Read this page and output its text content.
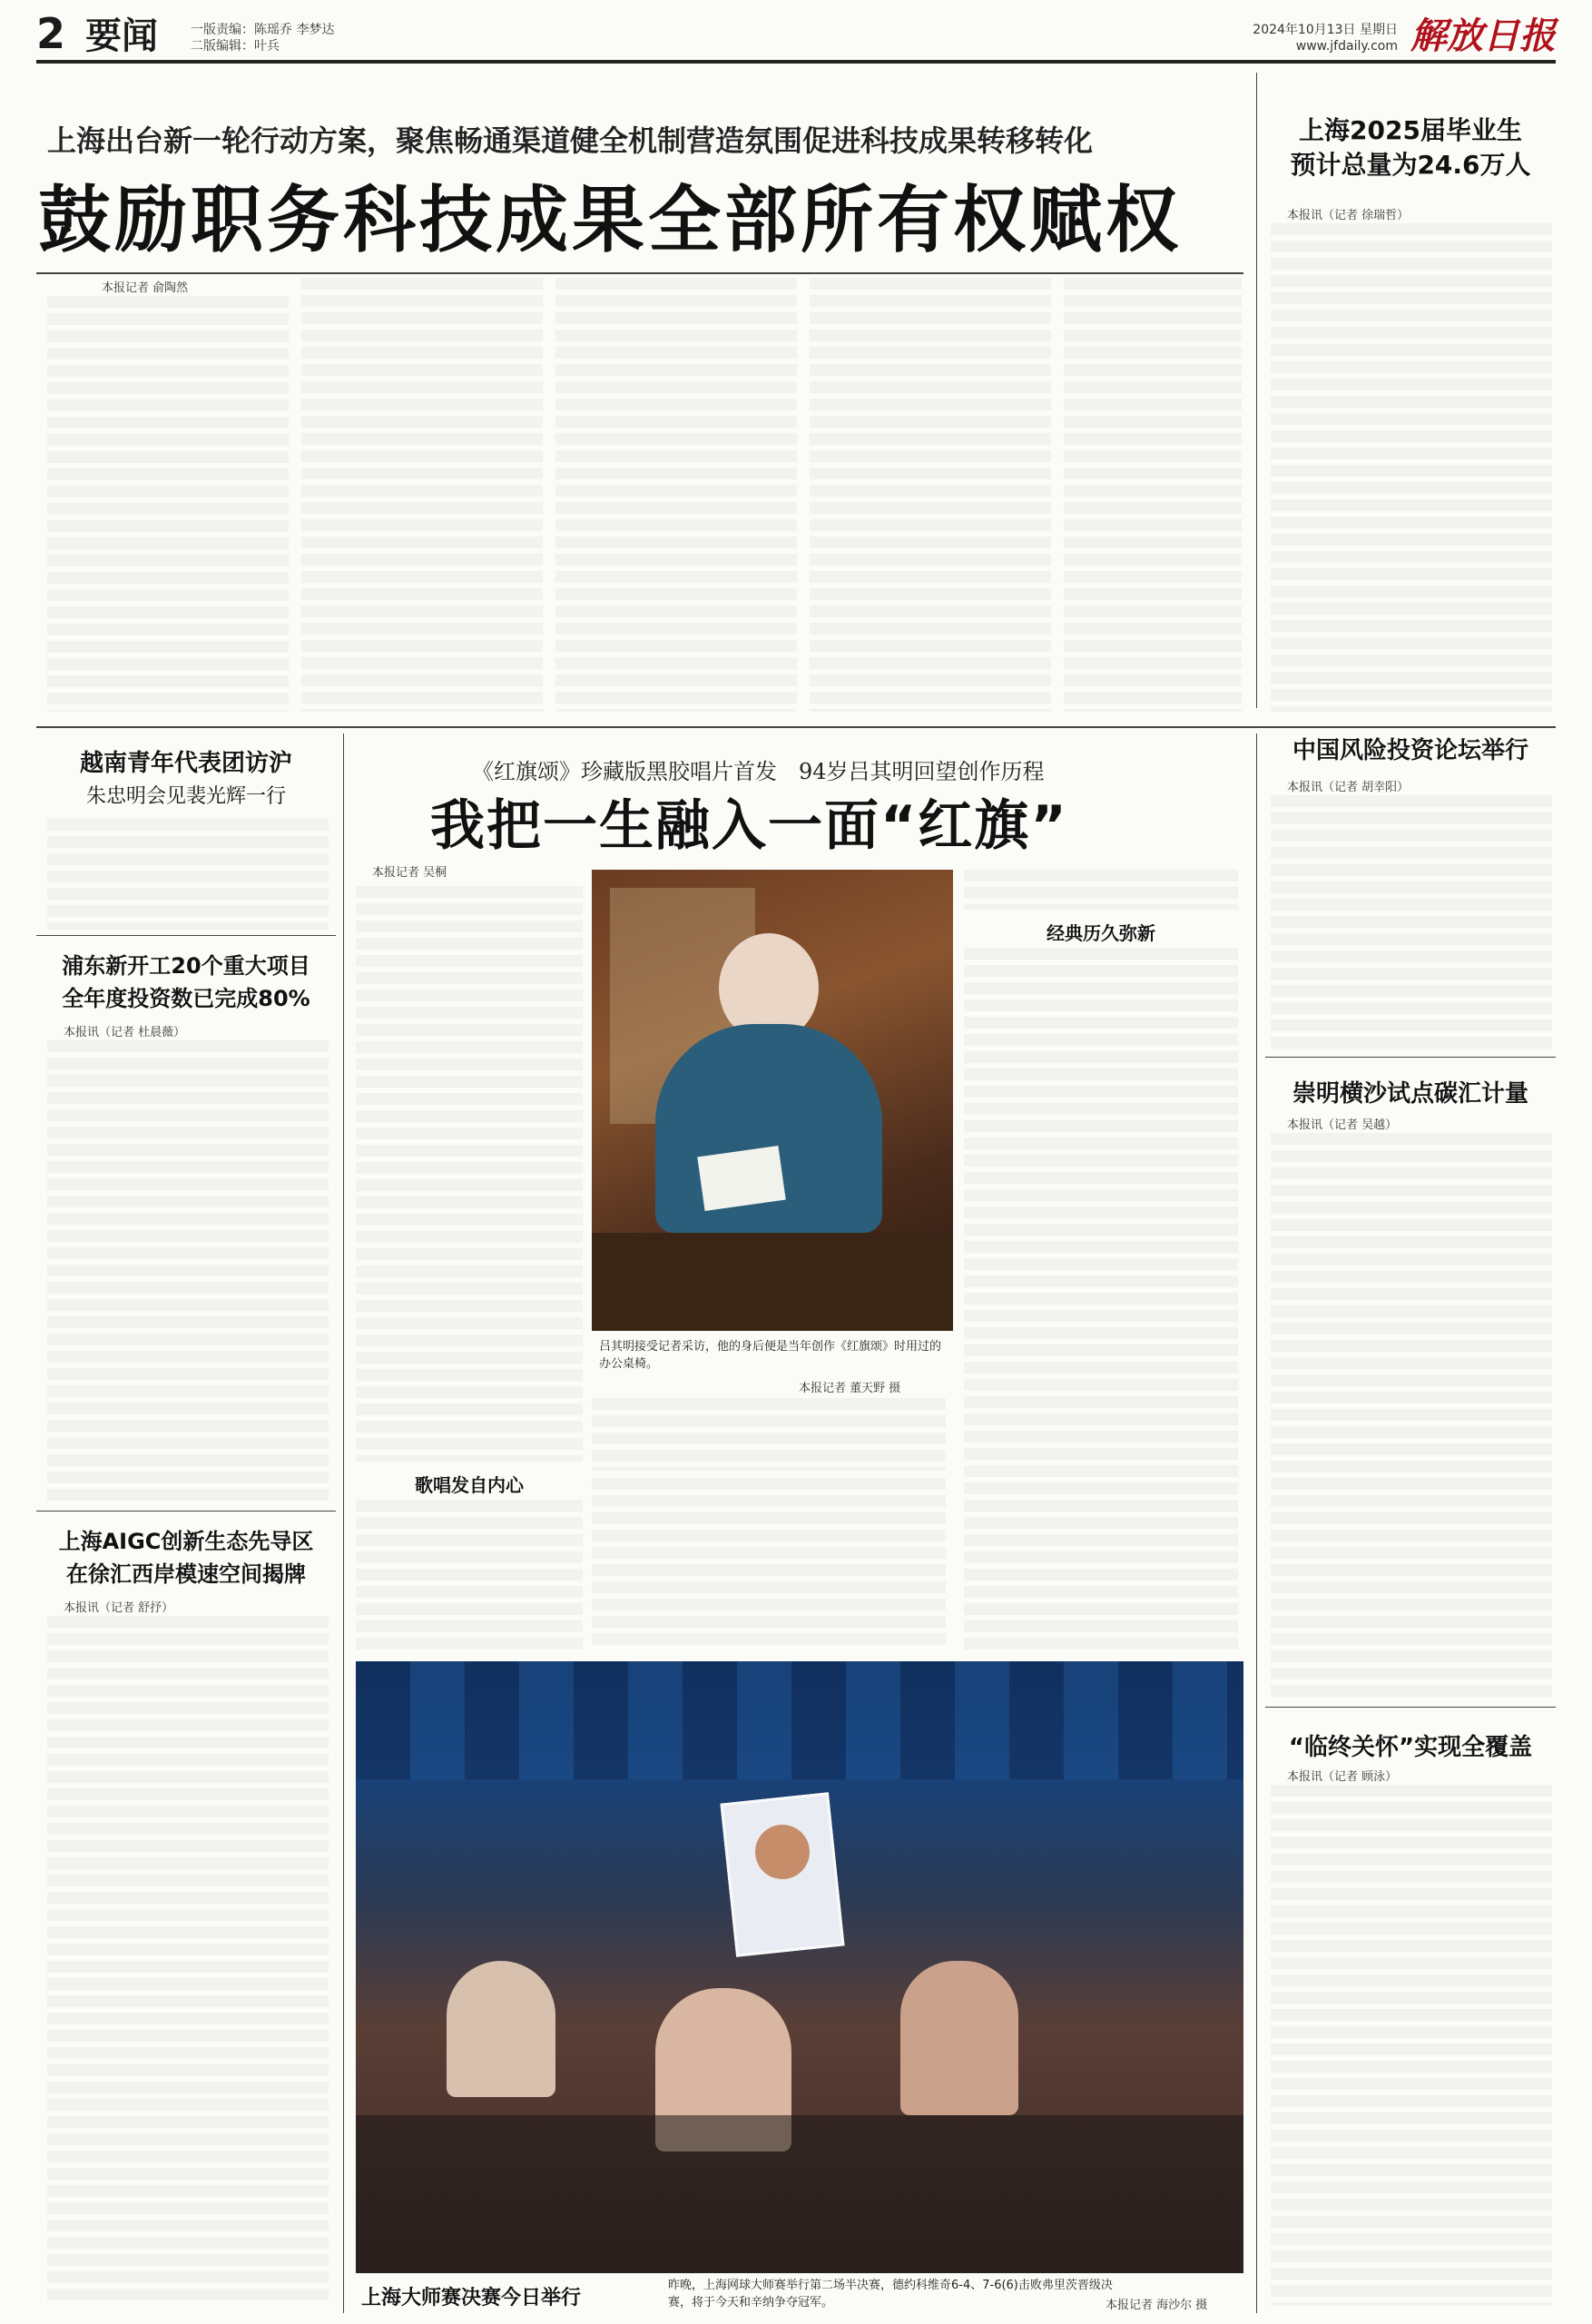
2 要闻	一版责编：陈瑶乔 李梦达
二版编辑：叶兵
2024年10月13日 星期日
www.jfdaily.com 解放日报
上海出台新一轮行动方案，聚焦畅通渠道健全机制营造氛围促进科技成果转移转化
鼓励职务科技成果全部所有权赋权
本报记者 俞陶然
上海2025届毕业生
预计总量为24.6万人
本报讯（记者 徐瑞哲）
越南青年代表团访沪
朱忠明会见裴光辉一行
浦东新开工20个重大项目
全年度投资数已完成80%
本报讯（记者 杜晨薇）
上海AIGC创新生态先导区
在徐汇西岸模速空间揭牌
本报讯（记者 舒抒）
《红旗颂》珍藏版黑胶唱片首发　94岁吕其明回望创作历程
我把一生融入一面“红旗”
本报记者 吴桐
吕其明接受记者采访，他的身后便是当年创作《红旗颂》时用过的办公桌椅。
本报记者 董天野 摄
歌唱发自内心
经典历久弥新
上海大师赛决赛今日举行
昨晚，上海网球大师赛举行第二场半决赛，德约科维奇6-4、7-6(6)击败弗里茨晋级决
赛，将于今天和辛纳争夺冠军。	本报记者 海沙尔 摄
中国风险投资论坛举行
本报讯（记者 胡幸阳）
崇明横沙试点碳汇计量
本报讯（记者 吴越）
“临终关怀”实现全覆盖
本报讯（记者 顾泳）
